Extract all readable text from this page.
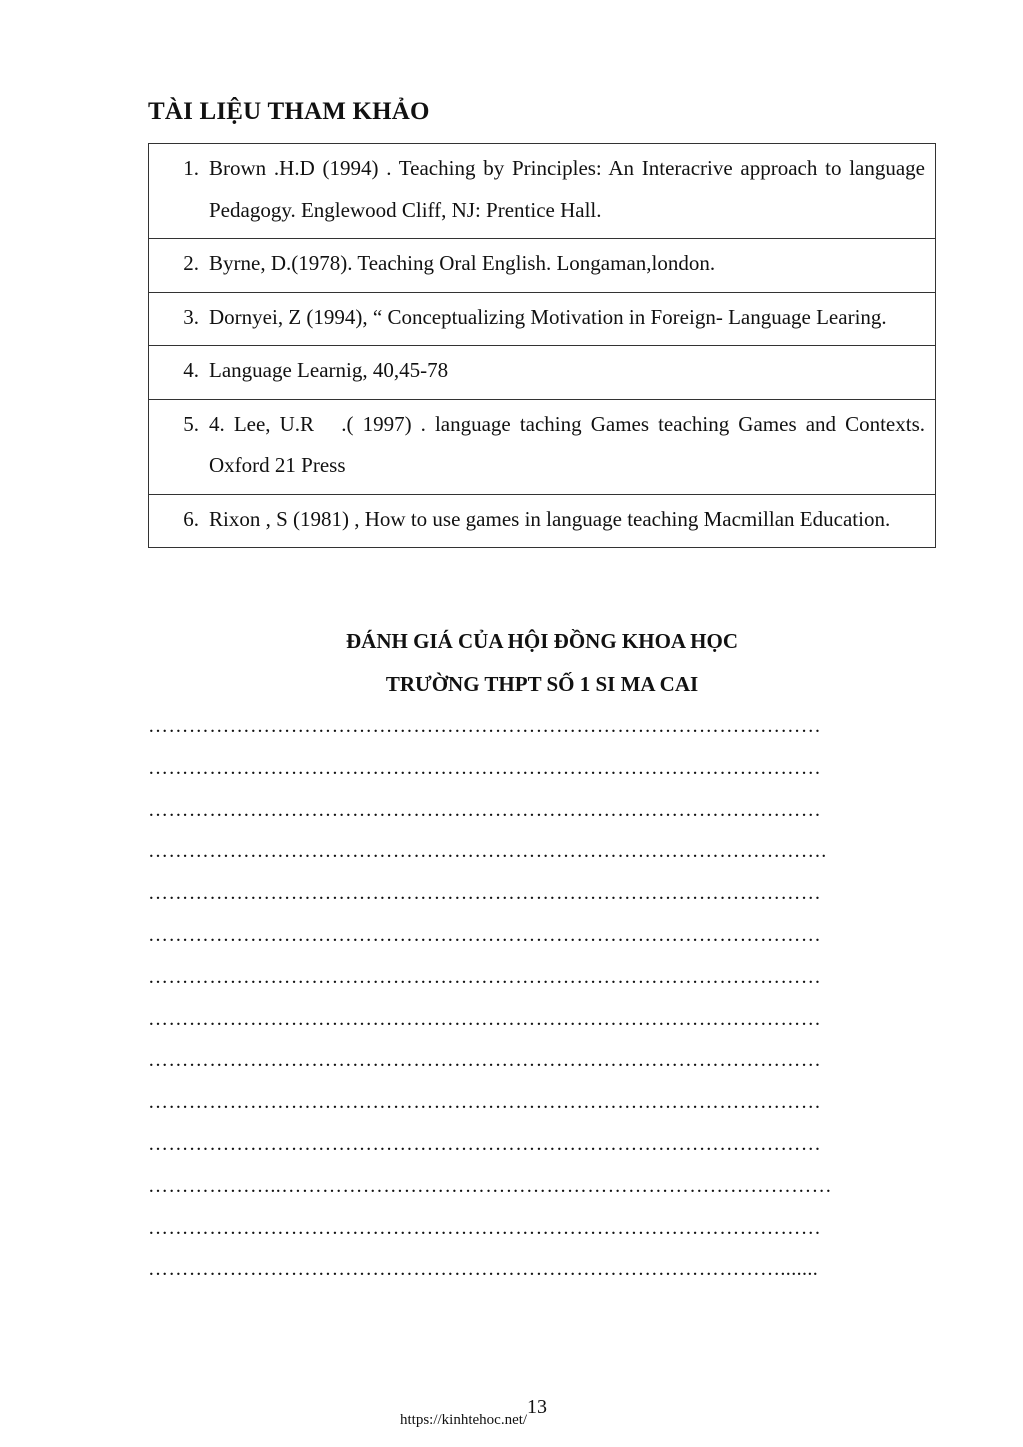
TÀI LIỆU THAM KHẢO
1. Brown .H.D (1994) . Teaching by Principles: An Interacrive approach to language Pedagogy. Englewood Cliff, NJ: Prentice Hall.

2. Byrne, D.(1978). Teaching Oral English. Longaman,london.

3. Dornyei, Z (1994), “ Conceptualizing Motivation in Foreign- Language Learing.

4. Language Learnig, 40,45-78

5. 4. Lee, U.R   .( 1997) . language taching Games teaching Games and Contexts. Oxford 21 Press

6. Rixon , S (1981) , How to use games in language teaching Macmillan Education.
ĐÁNH GIÁ CỦA HỘI ĐỒNG KHOA HỌC
TRƯỜNG THPT SỐ 1 SI MA CAI
………………………………………………………………………………………
………………………………………………………………………………………
………………………………………………………………………………………
……………………………………………………………………………………….
………………………………………………………………………………………
………………………………………………………………………………………
………………………………………………………………………………………
………………………………………………………………………………………
………………………………………………………………………………………
………………………………………………………………………………………
………………………………………………………………………………………
………………..………………………………………………………………………
………………………………………………………………………………………
………………………………………………………………………………….......
13
https://kinhtehoc.net/
